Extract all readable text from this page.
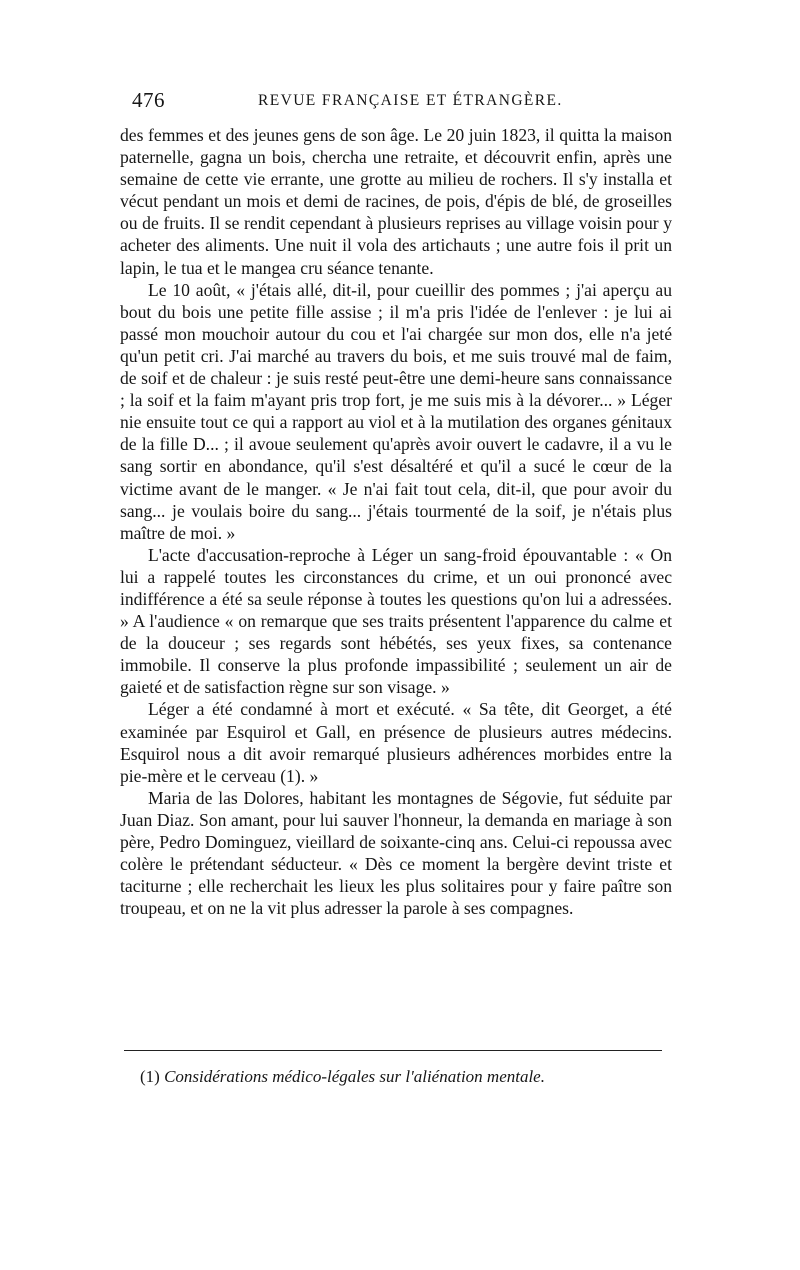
476	REVUE FRANÇAISE ET ÉTRANGÈRE.

des femmes et des jeunes gens de son âge. Le 20 juin 1823, il quitta la maison paternelle, gagna un bois, chercha une retraite, et découvrit enfin, après une semaine de cette vie errante, une grotte au milieu de rochers. Il s'y installa et vécut pendant un mois et demi de racines, de pois, d'épis de blé, de groseilles ou de fruits. Il se rendit cependant à plusieurs reprises au village voisin pour y acheter des aliments. Une nuit il vola des artichauts ; une autre fois il prit un lapin, le tua et le mangea cru séance tenante.

Le 10 août, « j'étais allé, dit-il, pour cueillir des pommes ; j'ai aperçu au bout du bois une petite fille assise ; il m'a pris l'idée de l'enlever : je lui ai passé mon mouchoir autour du cou et l'ai chargée sur mon dos, elle n'a jeté qu'un petit cri. J'ai marché au travers du bois, et me suis trouvé mal de faim, de soif et de chaleur : je suis resté peut-être une demi-heure sans connaissance ; la soif et la faim m'ayant pris trop fort, je me suis mis à la dévorer... » Léger nie ensuite tout ce qui a rapport au viol et à la mutilation des organes génitaux de la fille D... ; il avoue seulement qu'après avoir ouvert le cadavre, il a vu le sang sortir en abondance, qu'il s'est désaltéré et qu'il a sucé le cœur de la victime avant de le manger. « Je n'ai fait tout cela, dit-il, que pour avoir du sang... je voulais boire du sang... j'étais tourmenté de la soif, je n'étais plus maître de moi. »

L'acte d'accusation-reproche à Léger un sang-froid épouvantable : « On lui a rappelé toutes les circonstances du crime, et un oui prononcé avec indifférence a été sa seule réponse à toutes les questions qu'on lui a adressées. » A l'audience « on remarque que ses traits présentent l'apparence du calme et de la douceur ; ses regards sont hébétés, ses yeux fixes, sa contenance immobile. Il conserve la plus profonde impassibilité ; seulement un air de gaieté et de satisfaction règne sur son visage. »

Léger a été condamné à mort et exécuté. « Sa tête, dit Georget, a été examinée par Esquirol et Gall, en présence de plusieurs autres médecins. Esquirol nous a dit avoir remarqué plusieurs adhérences morbides entre la pie-mère et le cerveau (1). »

Maria de las Dolores, habitant les montagnes de Ségovie, fut séduite par Juan Diaz. Son amant, pour lui sauver l'honneur, la demanda en mariage à son père, Pedro Dominguez, vieillard de soixante-cinq ans. Celui-ci repoussa avec colère le prétendant séducteur. « Dès ce moment la bergère devint triste et taciturne ; elle recherchait les lieux les plus solitaires pour y faire paître son troupeau, et on ne la vit plus adresser la parole à ses compagnes.

(1) Considérations médico-légales sur l'aliénation mentale.
